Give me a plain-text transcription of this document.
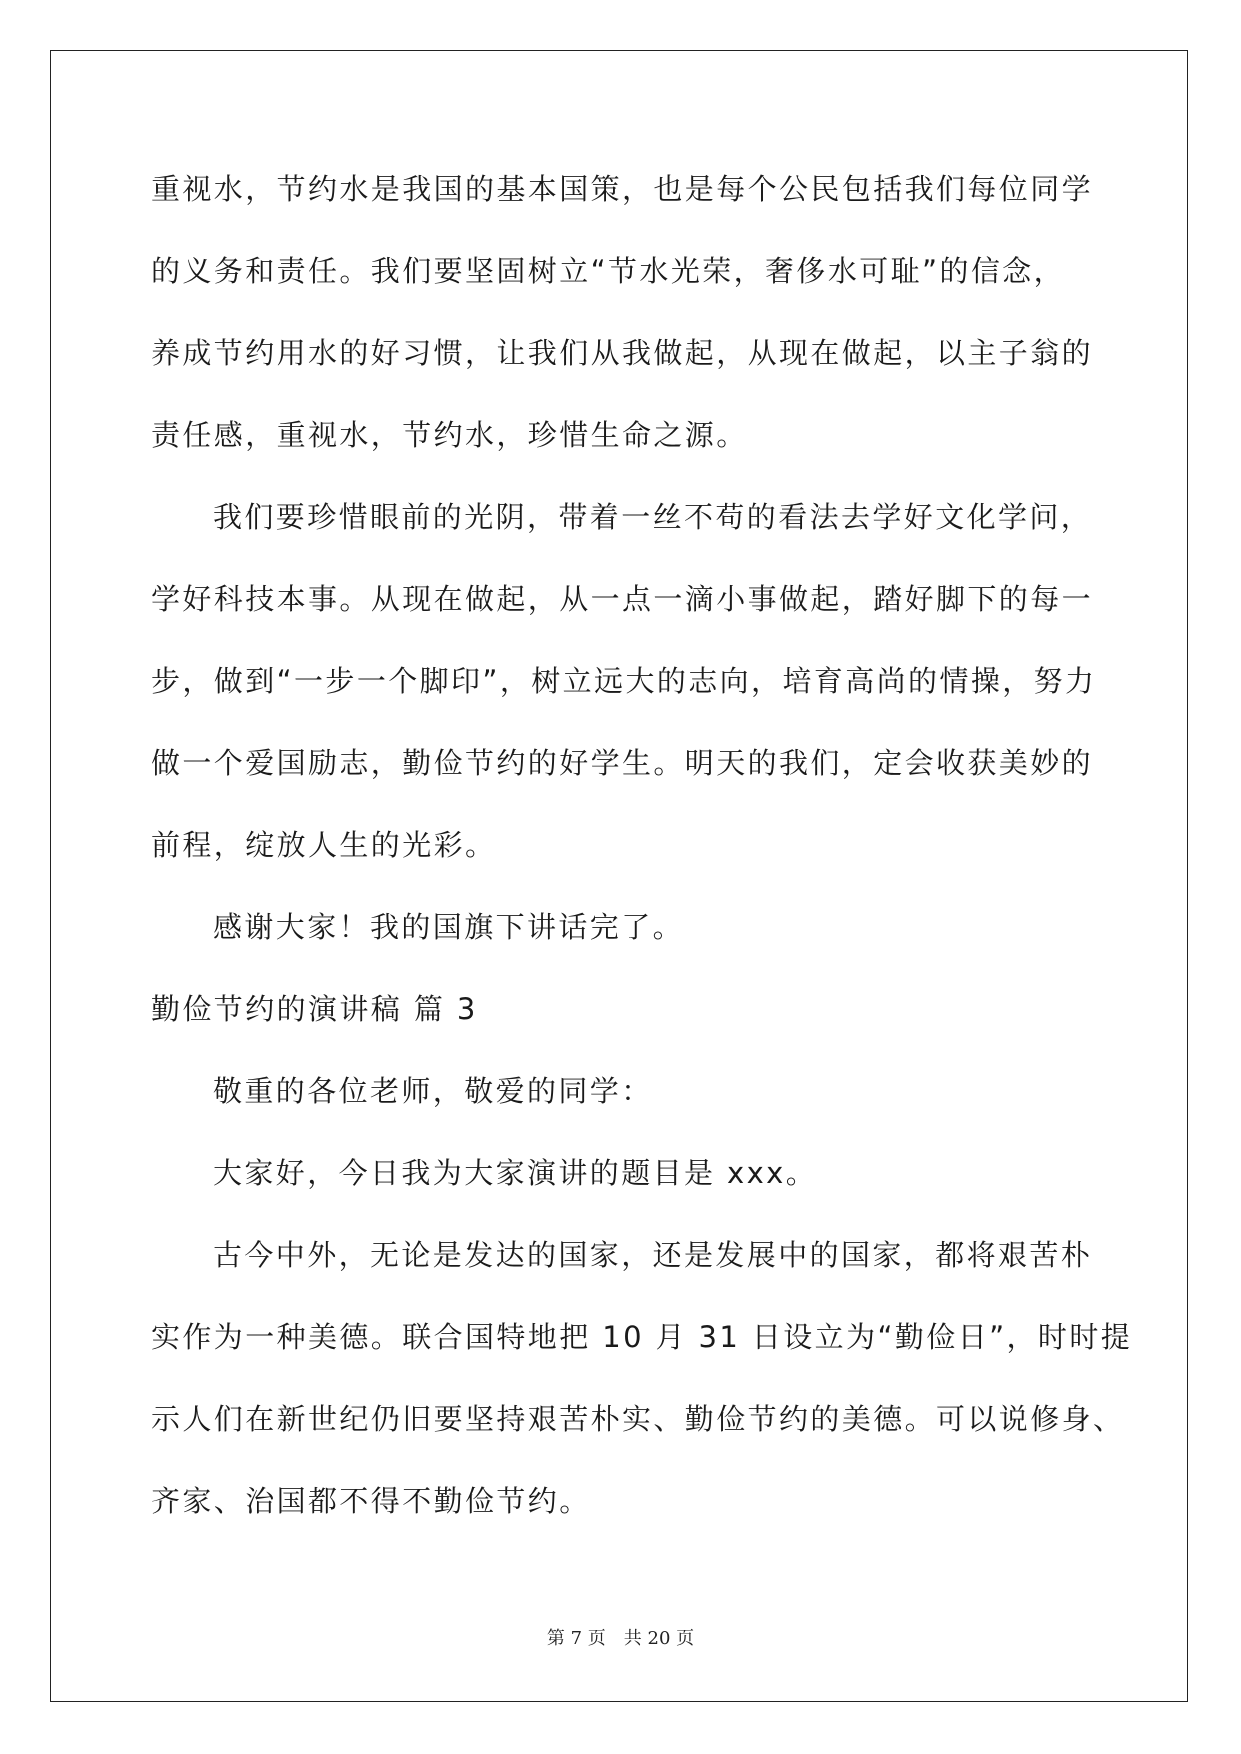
重视水，节约水是我国的基本国策，也是每个公民包括我们每位同学
的义务和责任。我们要坚固树立“节水光荣，奢侈水可耻”的信念，
养成节约用水的好习惯，让我们从我做起，从现在做起，以主子翁的
责任感，重视水，节约水，珍惜生命之源。
我们要珍惜眼前的光阴，带着一丝不苟的看法去学好文化学问，
学好科技本事。从现在做起，从一点一滴小事做起，踏好脚下的每一
步，做到“一步一个脚印”，树立远大的志向，培育高尚的情操，努力
做一个爱国励志，勤俭节约的好学生。明天的我们，定会收获美妙的
前程，绽放人生的光彩。
感谢大家！我的国旗下讲话完了。
勤俭节约的演讲稿 篇 3
敬重的各位老师，敬爱的同学：
大家好，今日我为大家演讲的题目是 xxx。
古今中外，无论是发达的国家，还是发展中的国家，都将艰苦朴
实作为一种美德。联合国特地把 10 月 31 日设立为“勤俭日”，时时提
示人们在新世纪仍旧要坚持艰苦朴实、勤俭节约的美德。可以说修身、
齐家、治国都不得不勤俭节约。
第 7 页　共 20 页
